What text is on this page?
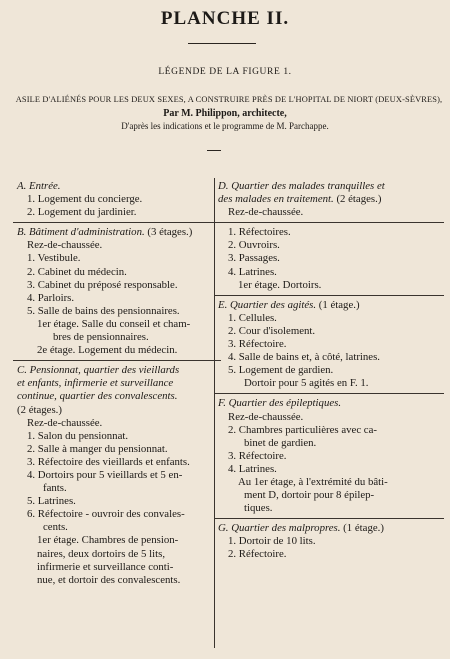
PLANCHE II.
LÉGENDE DE LA FIGURE 1.
ASILE D'ALIÉNÉS POUR LES DEUX SEXES, A CONSTRUIRE PRÈS DE L'HOPITAL DE NIORT (DEUX-SÈVRES),
Par M. Philippon, architecte,
D'après les indications et le programme de M. Parchappe.
A. Entrée.
1. Logement du concierge.
2. Logement du jardinier.
B. Bâtiment d'administration. (3 étages.)
Rez-de-chaussée.
1. Vestibule.
2. Cabinet du médecin.
3. Cabinet du préposé responsable.
4. Parloirs.
5. Salle de bains des pensionnaires.
1er étage. Salle du conseil et cham-
bres de pensionnaires.
2e étage. Logement du médecin.
C. Pensionnat, quartier des vieillards
et enfants, infirmerie et surveillance
continue, quartier des convalescents.
(2 étages.)
Rez-de-chaussée.
1. Salon du pensionnat.
2. Salle à manger du pensionnat.
3. Réfectoire des vieillards et enfants.
4. Dortoirs pour 5 vieillards et 5 en-
fants.
5. Latrines.
6. Réfectoire - ouvroir des convales-
cents.
1er étage. Chambres de pension-
naires, deux dortoirs de 5 lits,
infirmerie et surveillance conti-
nue, et dortoir des convalescents.
D. Quartier des malades tranquilles et
des malades en traitement. (2 étages.)
Rez-de-chaussée.
1. Réfectoires.
2. Ouvroirs.
3. Passages.
4. Latrines.
1er étage. Dortoirs.
E. Quartier des agités. (1 étage.)
1. Cellules.
2. Cour d'isolement.
3. Réfectoire.
4. Salle de bains et, à côté, latrines.
5. Logement de gardien.
Dortoir pour 5 agités en F. 1.
F. Quartier des épileptiques.
Rez-de-chaussée.
2. Chambres particulières avec ca-
binet de gardien.
3. Réfectoire.
4. Latrines.
Au 1er étage, à l'extrémité du bâti-
ment D, dortoir pour 8 épilep-
tiques.
G. Quartier des malpropres. (1 étage.)
1. Dortoir de 10 lits.
2. Réfectoire.
